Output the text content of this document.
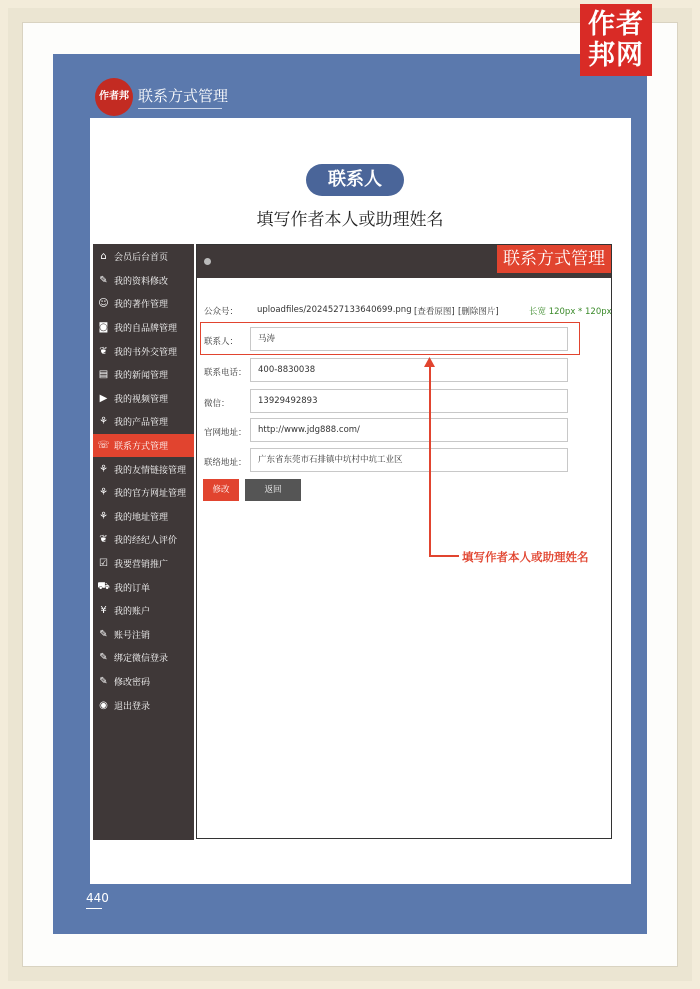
作者
邦网
作者邦 联系方式管理
联系人
填写作者本人或助理姓名
⌂ 会员后台首页
✎ 我的资料修改
☺ 我的著作管理
◙ 我的自品牌管理
❦ 我的书外交管理
▤ 我的新闻管理
▶ 我的视频管理
⚘ 我的产品管理
☏ 联系方式管理
⚘ 我的友情链接管理
⚘ 我的官方网址管理
⚘ 我的地址管理
❦ 我的经纪人评价
☑ 我要营销推广
⛟ 我的订单
¥ 我的账户
✎ 账号注销
✎ 绑定微信登录
✎ 修改密码
◉ 退出登录
联系方式管理
公众号： uploadfiles/2024527133640699.png [查看原图] [删除图片]	长宽 120px * 120px
联系人：	马涛
联系电话：	400-8830038
微信：	13929492893
官网地址：	http://www.jdg888.com/
联络地址：	广东省东莞市石排镇中坑村中坑工业区
修改	返回
填写作者本人或助理姓名
440
